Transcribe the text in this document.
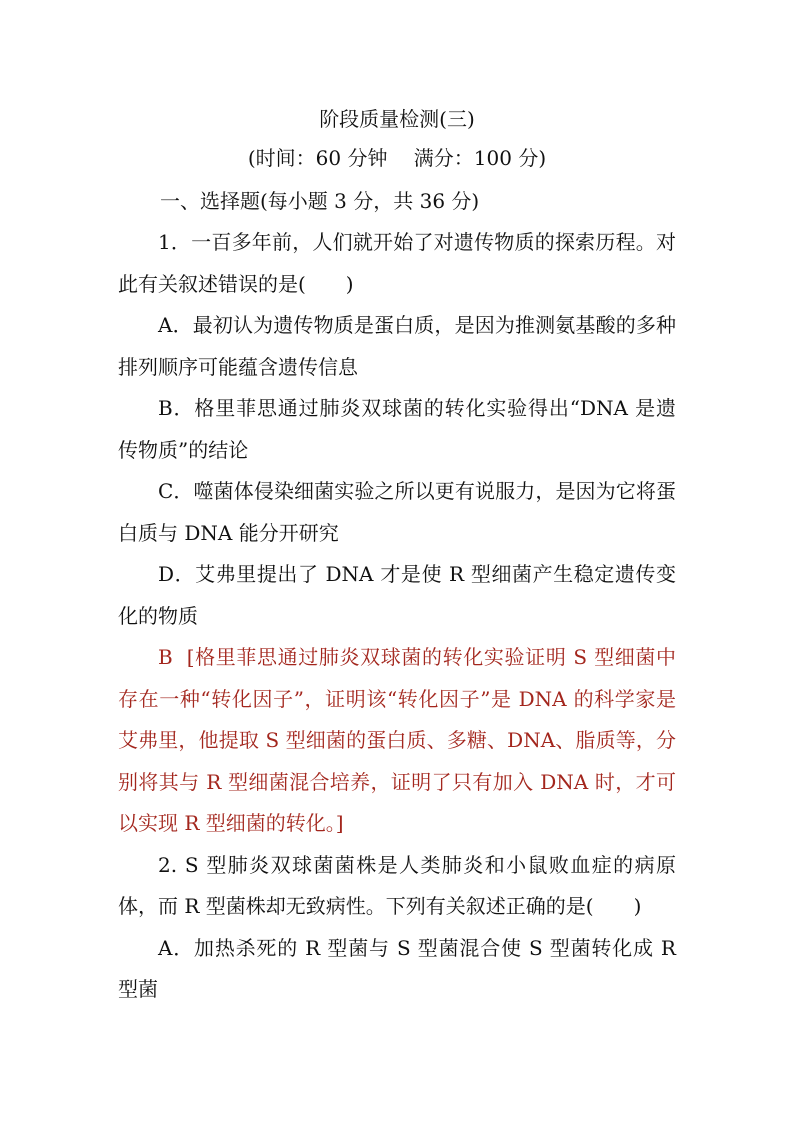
阶段质量检测(三)
(时间：60 分钟　 满分：100 分)
一、选择题(每小题 3 分，共 36 分)

1．一百多年前，人们就开始了对遗传物质的探索历程。对此有关叙述错误的是(　　)

A．最初认为遗传物质是蛋白质，是因为推测氨基酸的多种排列顺序可能蕴含遗传信息

B．格里菲思通过肺炎双球菌的转化实验得出“DNA 是遗传物质”的结论

C．噬菌体侵染细菌实验之所以更有说服力，是因为它将蛋白质与 DNA 能分开研究

D．艾弗里提出了 DNA 才是使 R 型细菌产生稳定遗传变化的物质

B [格里菲思通过肺炎双球菌的转化实验证明 S 型细菌中存在一种“转化因子”，证明该“转化因子”是 DNA 的科学家是艾弗里，他提取 S 型细菌的蛋白质、多糖、DNA、脂质等，分别将其与 R 型细菌混合培养，证明了只有加入 DNA 时，才可以实现 R 型细菌的转化。]

2. S 型肺炎双球菌菌株是人类肺炎和小鼠败血症的病原体，而 R 型菌株却无致病性。下列有关叙述正确的是(　　)

A．加热杀死的 R 型菌与 S 型菌混合使 S 型菌转化成 R 型菌
